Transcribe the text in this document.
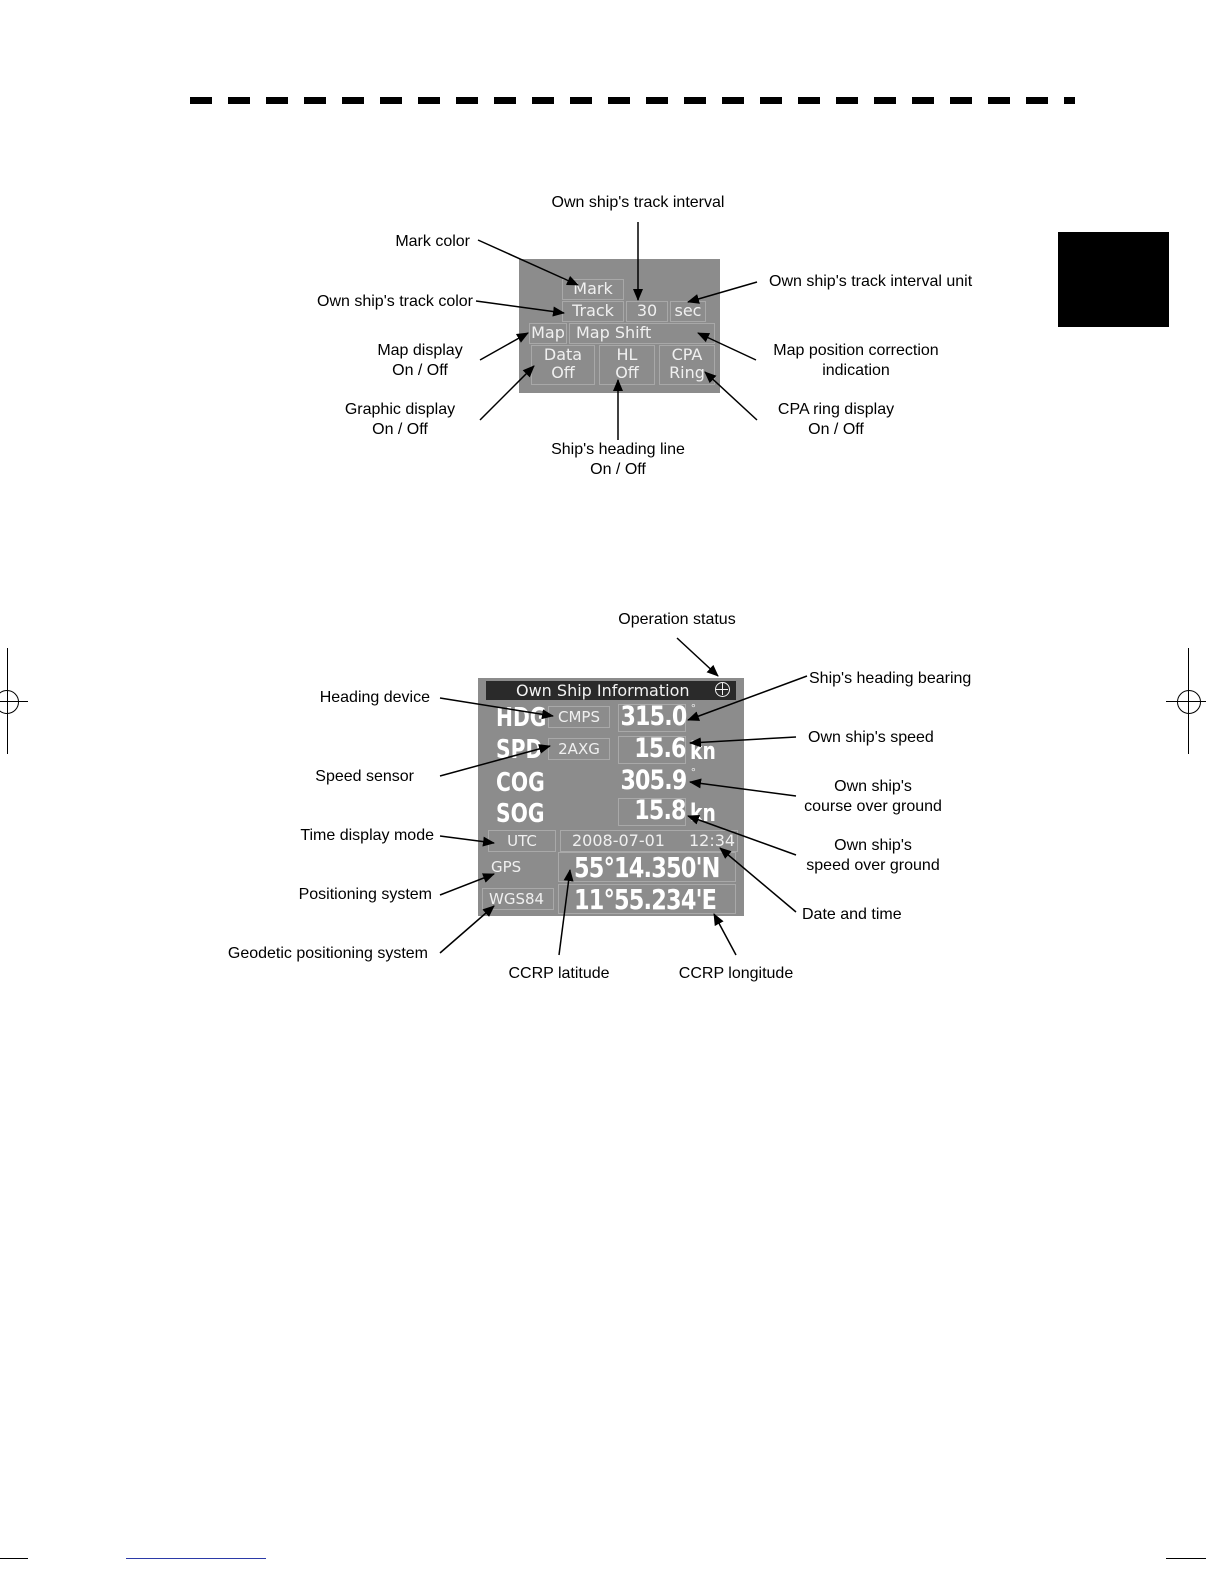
Own ship's track interval
Mark color
Own ship's track interval unit
Own ship's track color
Map display
On / Off
Map position correction
indication
Graphic display
On / Off
CPA ring display
On / Off
Ship's heading line
On / Off
Mark
Track	30	sec
Map Map Shift
Data
Off
HL
Off
CPA
Ring
Operation status
Heading device
Ship's heading bearing
Own ship's speed
Speed sensor
Own ship's
course over ground
Time display mode
Own ship's
speed over ground
Positioning system
Date and time
Geodetic positioning system
CCRP latitude	CCRP longitude
Own Ship Information
HDG CMPS 315.0 °
SPD	2AXG	15.6 kn
COG	305.9 °
SOG	15.8 kn
UTC	2008-07-01 12:34
GPS	55°14.350'N
WGS84	11°55.234'E
